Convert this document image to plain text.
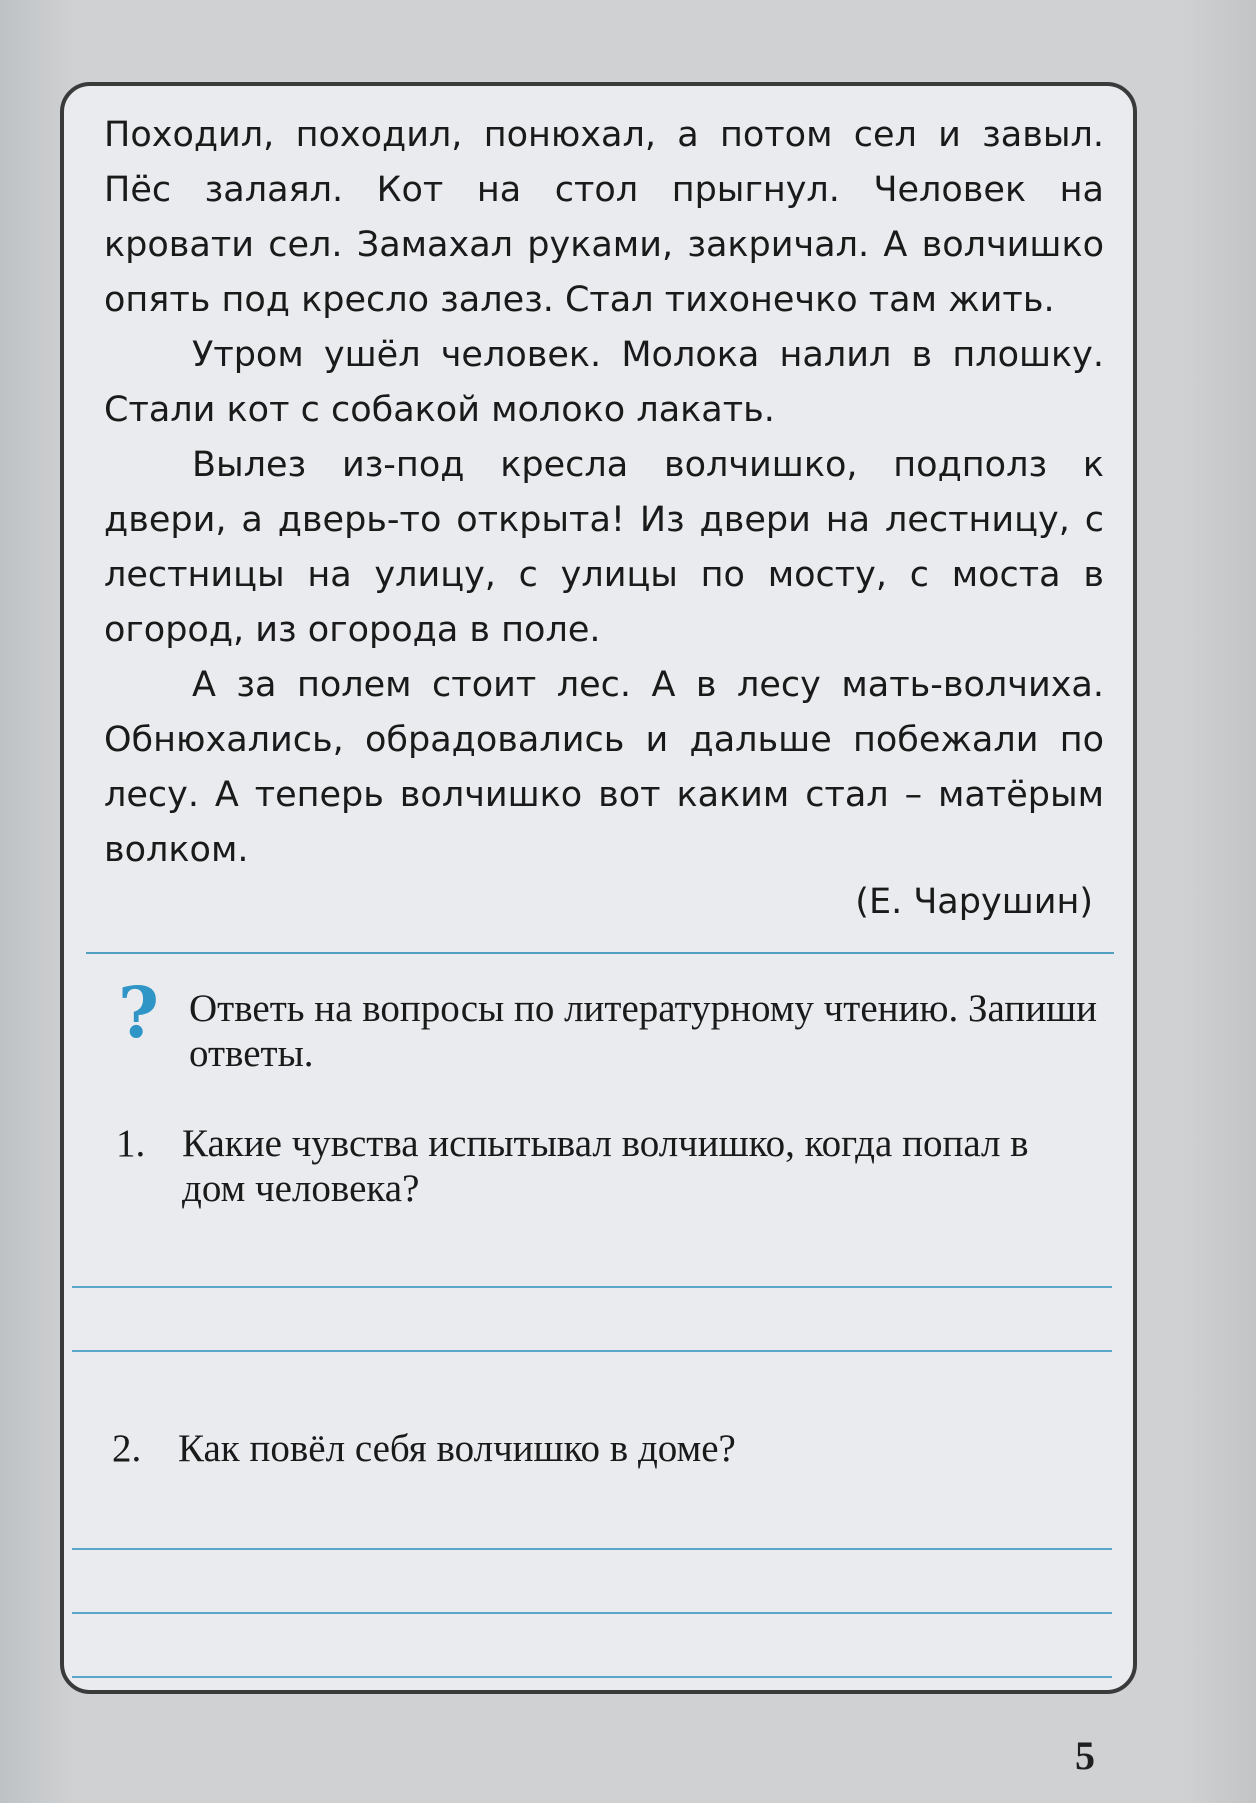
Походил, походил, понюхал, а потом сел и завыл. Пёс залаял. Кот на стол прыгнул. Человек на кровати сел. Замахал руками, закричал. А волчишко опять под кресло залез. Стал тихонечко там жить.

Утром ушёл человек. Молока налил в плошку. Стали кот с собакой молоко лакать.

Вылез из-под кресла волчишко, подполз к двери, а дверь-то открыта! Из двери на лестницу, с лестницы на улицу, с улицы по мосту, с моста в огород, из огорода в поле.

А за полем стоит лес. А в лесу мать-волчиха. Обнюхались, обрадовались и дальше побежали по лесу. А теперь волчишко вот каким стал – матёрым волком.

(Е. Чарушин)
? Ответь на вопросы по литературному чтению. Запиши ответы.
1. Какие чувства испытывал волчишко, когда попал в дом человека?
2. Как повёл себя волчишко в доме?
5
